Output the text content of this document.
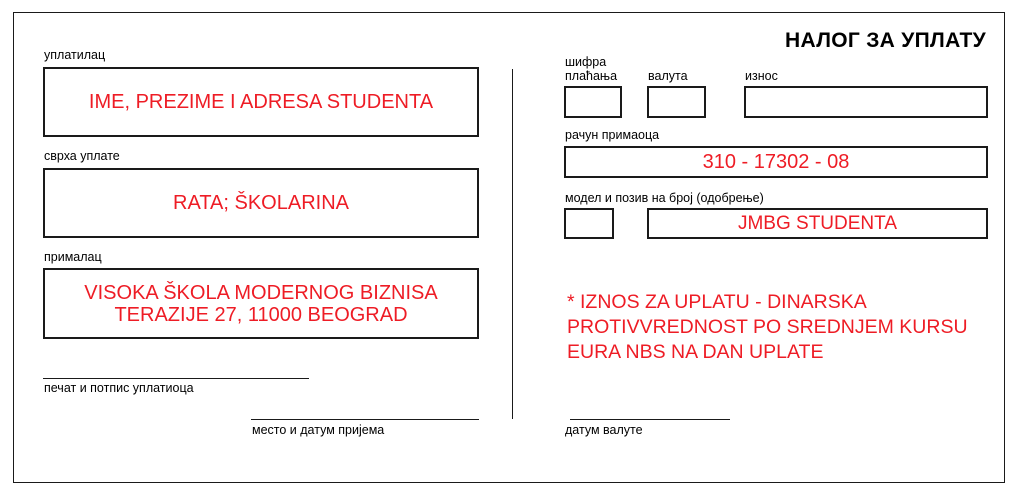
НАЛОГ ЗА УПЛАТУ
уплатилац
IME, PREZIME I ADRESA STUDENTA
сврха уплате
RATA; ŠKOLARINA
прималац
VISOKA ŠKOLA MODERNOG BIZNISA
TERAZIJE 27, 11000 BEOGRAD
печат и потпис уплатиоца
место и датум пријема
шифра
плаћања валута	износ
рачун примаоца
310 - 17302 - 08
модел и позив на број (одобрење)
JMBG STUDENTA
* IZNOS ZA UPLATU - DINARSKA
PROTIVVREDNOST PO SREDNJEM KURSU
EURA NBS NA DAN UPLATE
датум валуте
